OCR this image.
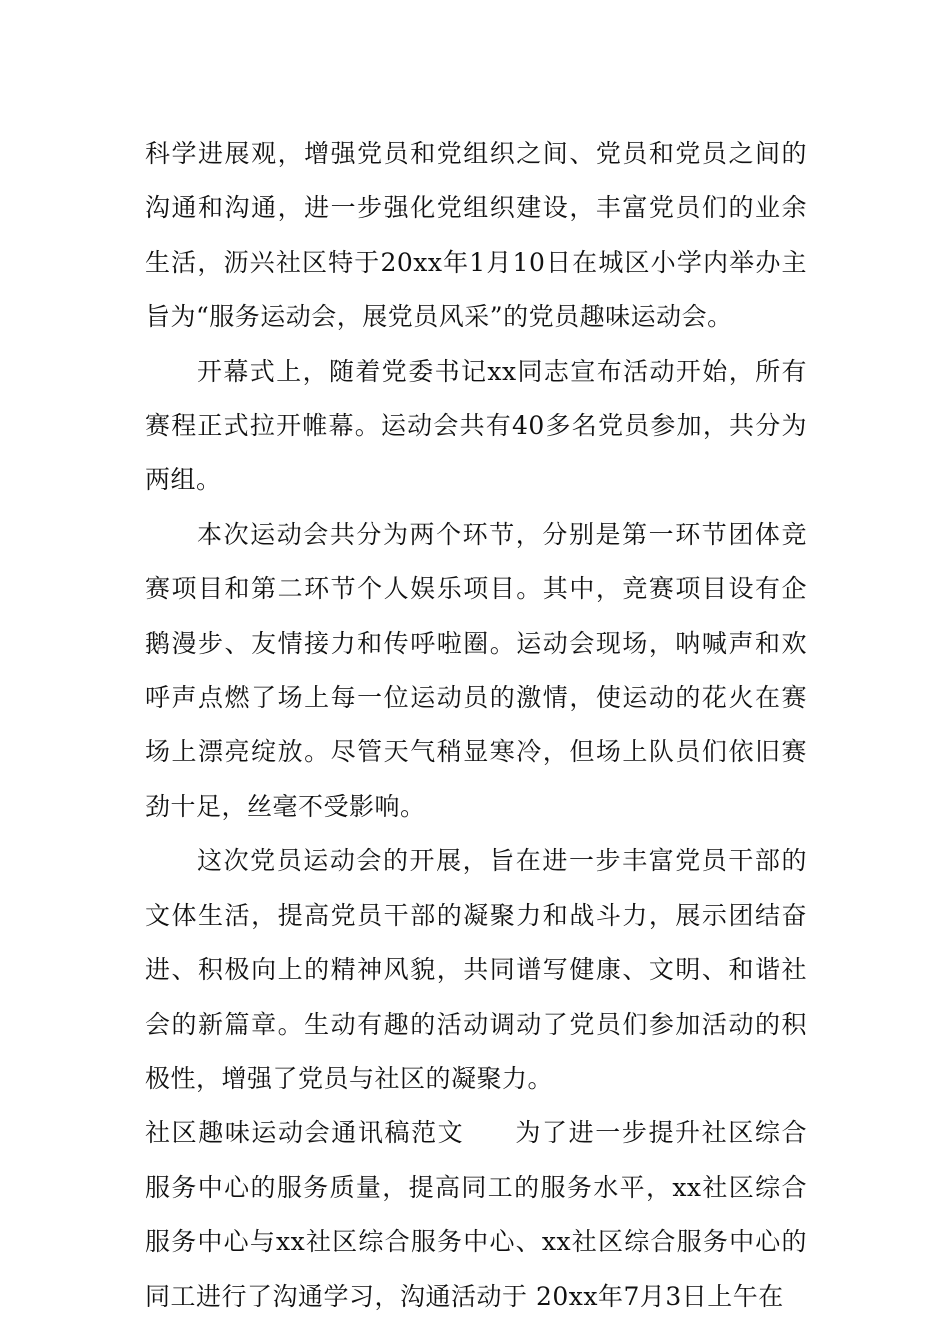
科学进展观，增强党员和党组织之间、党员和党员之间的沟通和沟通，进一步强化党组织建设，丰富党员们的业余生活，沥兴社区特于20xx年1月10日在城区小学内举办主旨为“服务运动会，展党员风采”的党员趣味运动会。

开幕式上，随着党委书记xx同志宣布活动开始，所有赛程正式拉开帷幕。运动会共有40多名党员参加，共分为两组。

本次运动会共分为两个环节，分别是第一环节团体竞赛项目和第二环节个人娱乐项目。其中，竞赛项目设有企鹅漫步、友情接力和传呼啦圈。运动会现场，呐喊声和欢呼声点燃了场上每一位运动员的激情，使运动的花火在赛场上漂亮绽放。尽管天气稍显寒冷，但场上队员们依旧赛劲十足，丝毫不受影响。

这次党员运动会的开展，旨在进一步丰富党员干部的文体生活，提高党员干部的凝聚力和战斗力，展示团结奋进、积极向上的精神风貌，共同谱写健康、文明、和谐社会的新篇章。生动有趣的活动调动了党员们参加活动的积极性，增强了党员与社区的凝聚力。

社区趣味运动会通讯稿范文 为了进一步提升社区综合服务中心的服务质量，提高同工的服务水平，xx社区综合服务中心与xx社区综合服务中心、xx社区综合服务中心的同工进行了沟通学习，沟通活动于 20xx年7月3日上午在
